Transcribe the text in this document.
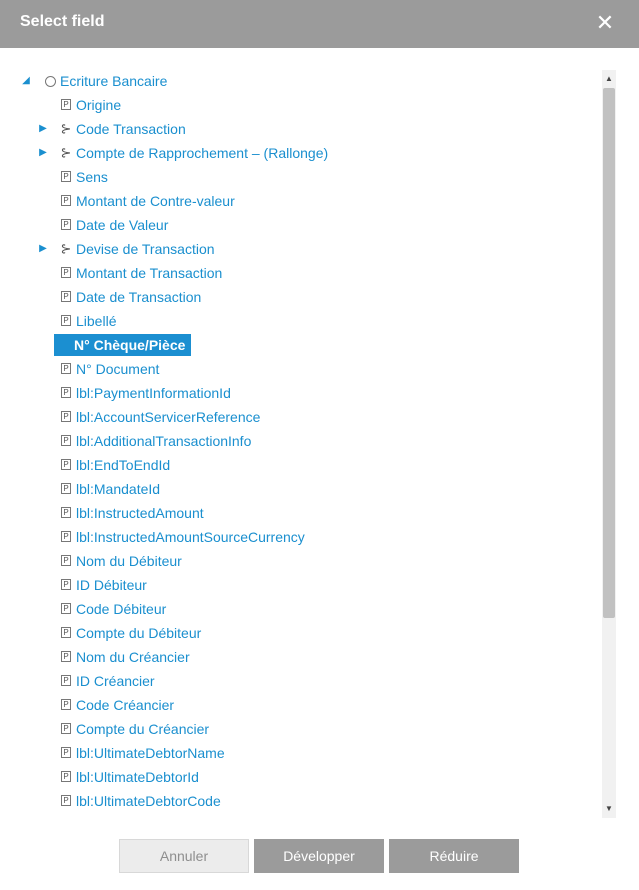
Select field	✕
◢ Ecriture Bancaire
P Origine
▶ ⊱ Code Transaction
▶ ⊱ Compte de Rapprochement – (Rallonge)
P Sens
P Montant de Contre-valeur
P Date de Valeur
▶ ⊱ Devise de Transaction
P Montant de Transaction
P Date de Transaction
P Libellé
N° Chèque/Pièce
P N° Document
P lbl:PaymentInformationId
P lbl:AccountServicerReference
P lbl:AdditionalTransactionInfo
P lbl:EndToEndId
P lbl:MandateId
P lbl:InstructedAmount
P lbl:InstructedAmountSourceCurrency
P Nom du Débiteur
P ID Débiteur
P Code Débiteur
P Compte du Débiteur
P Nom du Créancier
P ID Créancier
P Code Créancier
P Compte du Créancier
P lbl:UltimateDebtorName
P lbl:UltimateDebtorId
P lbl:UltimateDebtorCode
▲
▼
Annuler	Développer	Réduire
